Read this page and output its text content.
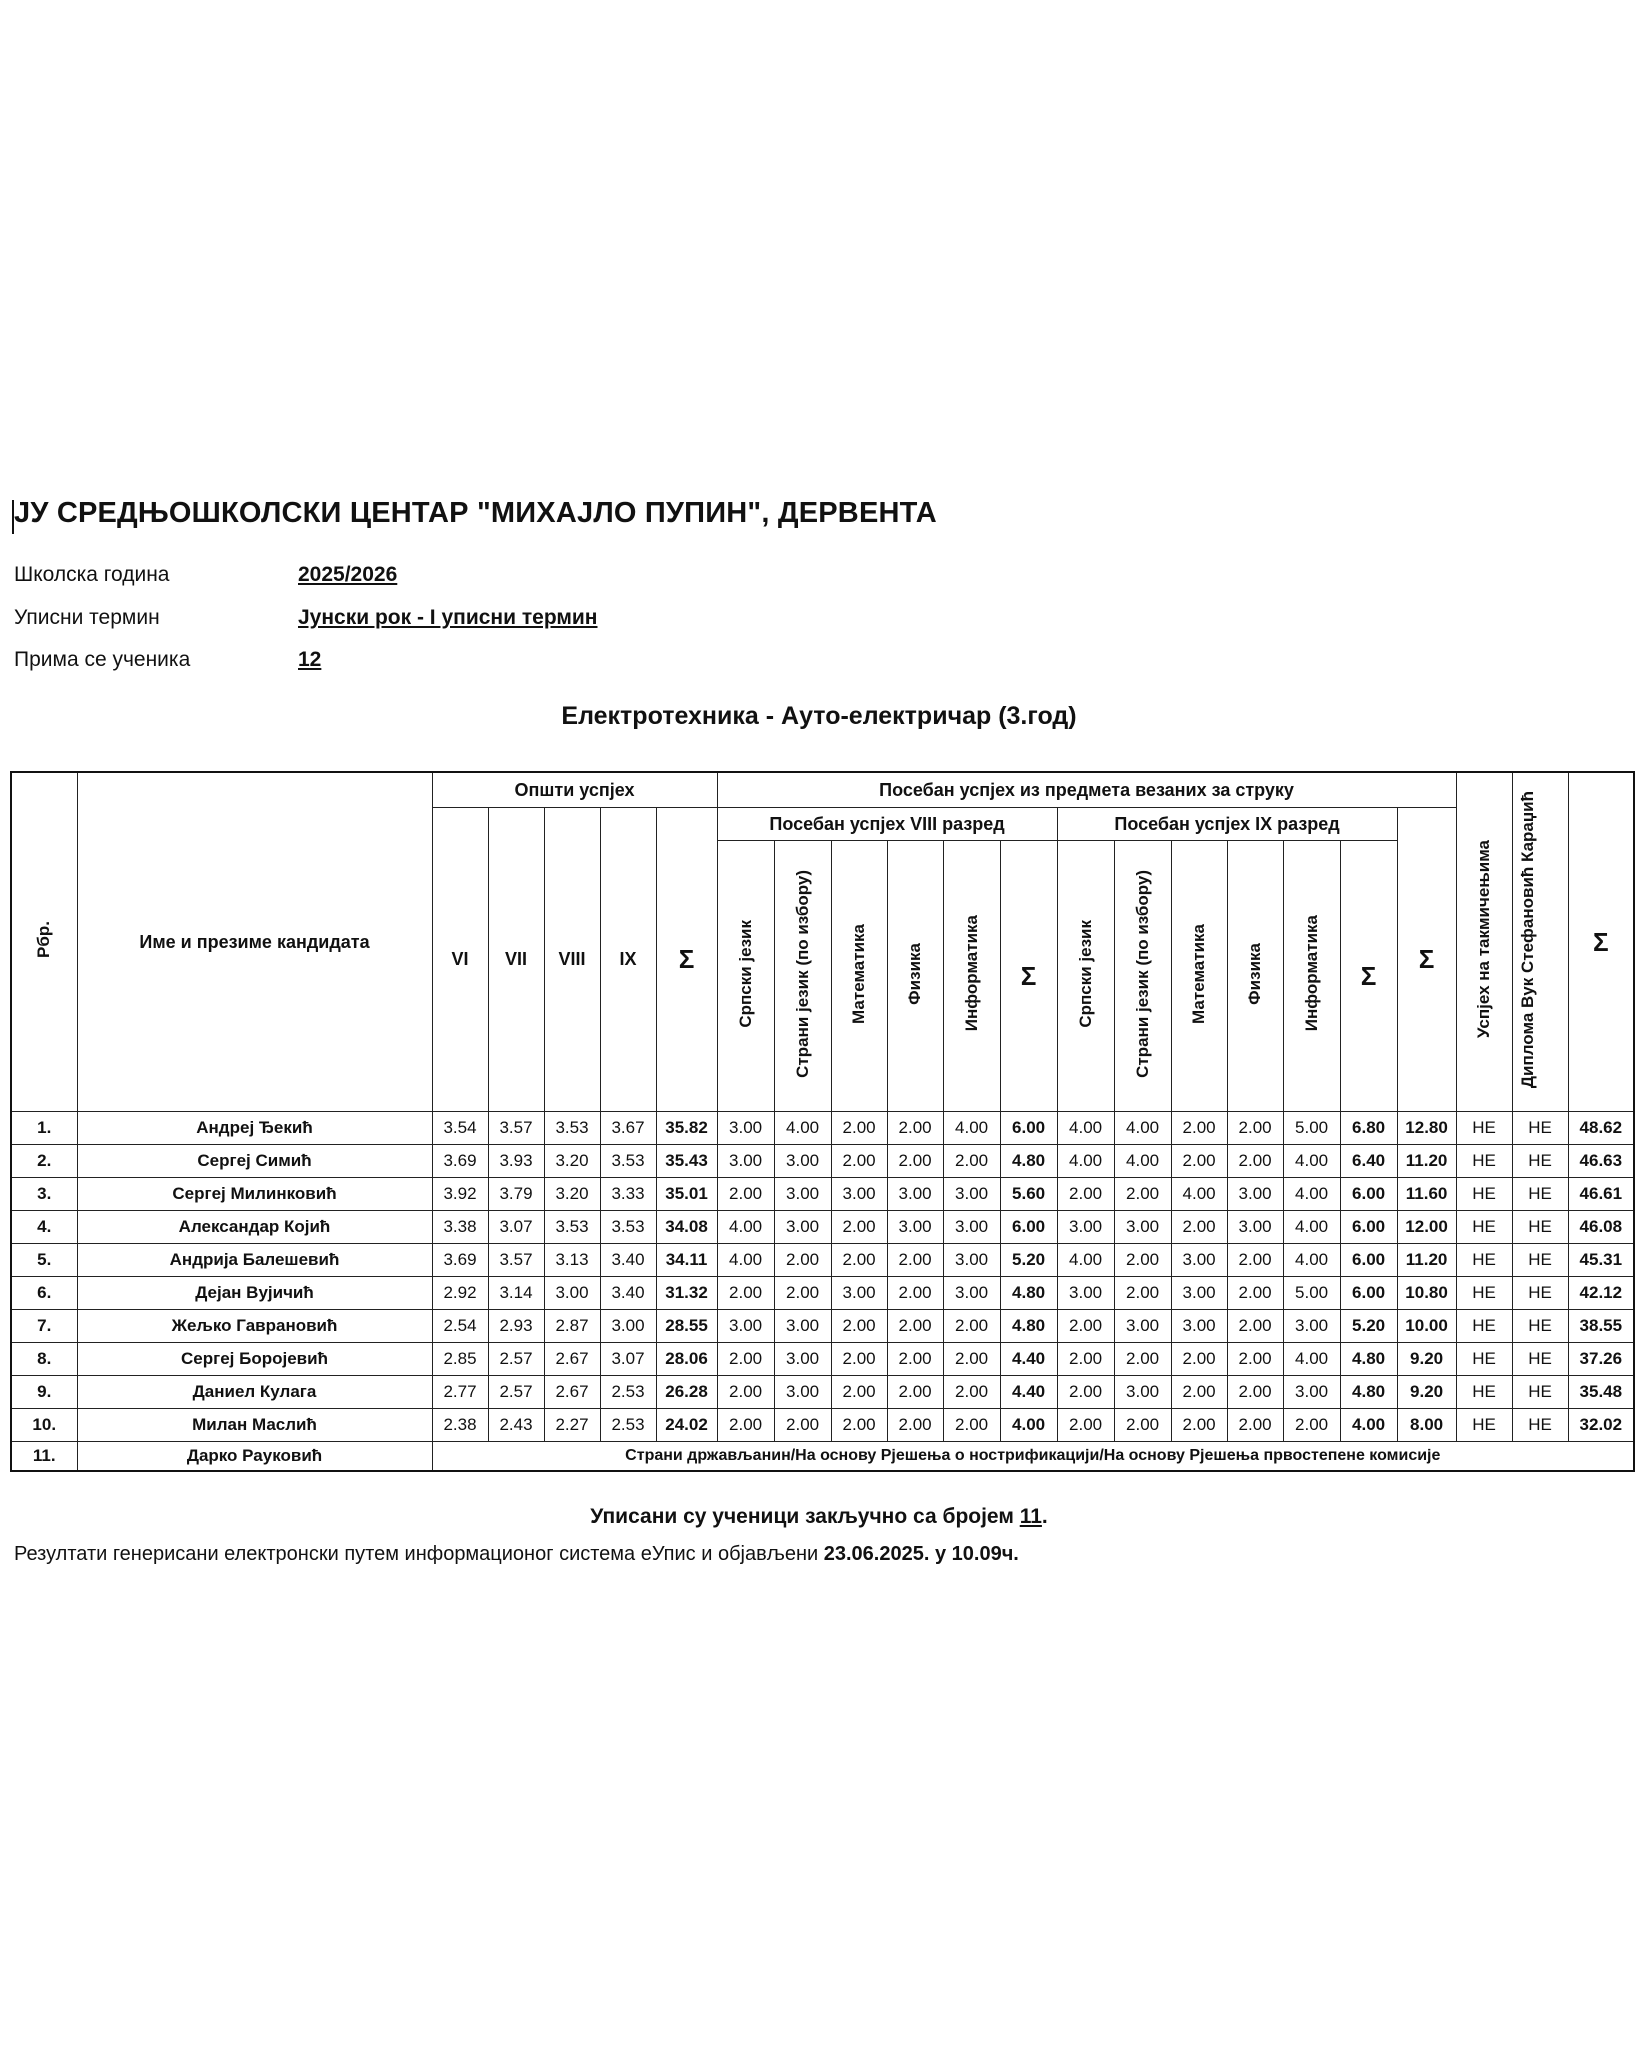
ЈУ СРЕДЊОШКОЛСКИ ЦЕНТАР "МИХАЈЛО ПУПИН", ДЕРВЕНТА
Школска година	2025/2026
Уписни термин	Јунски рок - I уписни термин
Прима се ученика	12
Електротехника - Ауто-електричар (3.год)
Рбр.	Име и презиме кандидата	Општи успјех					Посебан успјех из предмета везаних за струку													Успјех на такмичењима	Диплома Вук Стефановић Караџић	Σ
		VI	VII	VIII	IX	Σ	Посебан успјех VIII разред						Посебан успјех IX разред						Σ			
							Српски језик	Страни језик (по избору)	Математика	Физика	Информатика	Σ	Српски језик	Страни језик (по избору)	Математика	Физика	Информатика	Σ				
1.	Андреј Ђекић	3.54	3.57	3.53	3.67	35.82	3.00	4.00	2.00	2.00	4.00	6.00	4.00	4.00	2.00	2.00	5.00	6.80	12.80	НЕ	НЕ	48.62
2.	Сергеј Симић	3.69	3.93	3.20	3.53	35.43	3.00	3.00	2.00	2.00	2.00	4.80	4.00	4.00	2.00	2.00	4.00	6.40	11.20	НЕ	НЕ	46.63
3.	Сергеј Милинковић	3.92	3.79	3.20	3.33	35.01	2.00	3.00	3.00	3.00	3.00	5.60	2.00	2.00	4.00	3.00	4.00	6.00	11.60	НЕ	НЕ	46.61
4.	Александар Којић	3.38	3.07	3.53	3.53	34.08	4.00	3.00	2.00	3.00	3.00	6.00	3.00	3.00	2.00	3.00	4.00	6.00	12.00	НЕ	НЕ	46.08
5.	Андрија Балешевић	3.69	3.57	3.13	3.40	34.11	4.00	2.00	2.00	2.00	3.00	5.20	4.00	2.00	3.00	2.00	4.00	6.00	11.20	НЕ	НЕ	45.31
6.	Дејан Вујичић	2.92	3.14	3.00	3.40	31.32	2.00	2.00	3.00	2.00	3.00	4.80	3.00	2.00	3.00	2.00	5.00	6.00	10.80	НЕ	НЕ	42.12
7.	Жељко Гаврановић	2.54	2.93	2.87	3.00	28.55	3.00	3.00	2.00	2.00	2.00	4.80	2.00	3.00	3.00	2.00	3.00	5.20	10.00	НЕ	НЕ	38.55
8.	Сергеј Боројевић	2.85	2.57	2.67	3.07	28.06	2.00	3.00	2.00	2.00	2.00	4.40	2.00	2.00	2.00	2.00	4.00	4.80	9.20	НЕ	НЕ	37.26
9.	Даниел Кулага	2.77	2.57	2.67	2.53	26.28	2.00	3.00	2.00	2.00	2.00	4.40	2.00	3.00	2.00	2.00	3.00	4.80	9.20	НЕ	НЕ	35.48
10.	Милан Маслић	2.38	2.43	2.27	2.53	24.02	2.00	2.00	2.00	2.00	2.00	4.00	2.00	2.00	2.00	2.00	2.00	4.00	8.00	НЕ	НЕ	32.02
11.	Дарко Рауковић	Страни држављанин/На основу Рјешења о нострификацији/На основу Рјешења првостепене комисије																				
Уписани су ученици закључно са бројем 11.
Резултати генерисани електронски путем информационог система еУпис и објављени 23.06.2025. у 10.09ч.
